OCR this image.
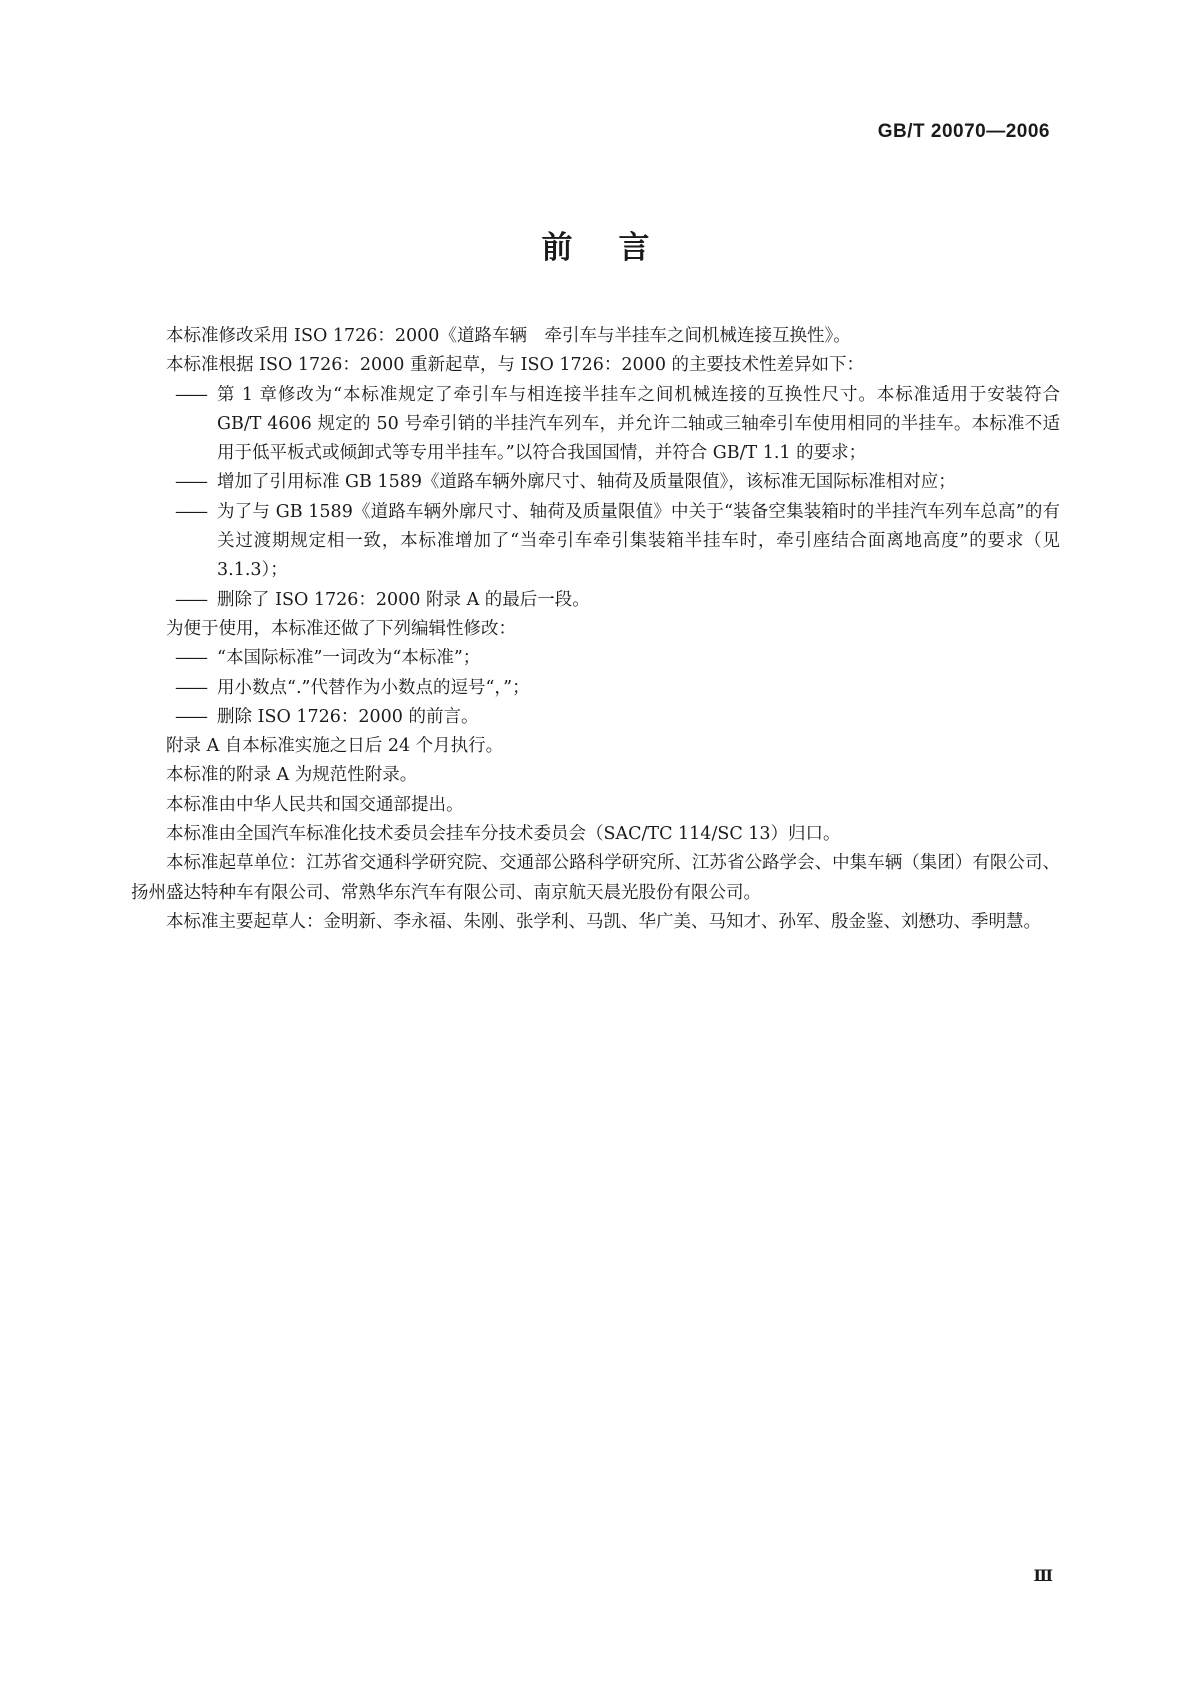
GB/T 20070—2006
前言

本标准修改采用 ISO 1726：2000《道路车辆　牵引车与半挂车之间机械连接互换性》。

本标准根据 ISO 1726：2000 重新起草，与 ISO 1726：2000 的主要技术性差异如下：

—— 第 1 章修改为“本标准规定了牵引车与相连接半挂车之间机械连接的互换性尺寸。本标准适用于安装符合 GB/T 4606 规定的 50 号牵引销的半挂汽车列车，并允许二轴或三轴牵引车使用相同的半挂车。本标准不适用于低平板式或倾卸式等专用半挂车。”以符合我国国情，并符合 GB/T 1.1 的要求；
—— 增加了引用标准 GB 1589《道路车辆外廓尺寸、轴荷及质量限值》，该标准无国际标准相对应；
—— 为了与 GB 1589《道路车辆外廓尺寸、轴荷及质量限值》中关于“装备空集装箱时的半挂汽车列车总高”的有关过渡期规定相一致，本标准增加了“当牵引车牵引集装箱半挂车时，牵引座结合面离地高度”的要求（见 3.1.3）；
—— 删除了 ISO 1726：2000 附录 A 的最后一段。

为便于使用，本标准还做了下列编辑性修改：

—— “本国际标准”一词改为“本标准”；
—— 用小数点“.”代替作为小数点的逗号“，”；
—— 删除 ISO 1726：2000 的前言。

附录 A 自本标准实施之日后 24 个月执行。

本标准的附录 A 为规范性附录。

本标准由中华人民共和国交通部提出。

本标准由全国汽车标准化技术委员会挂车分技术委员会（SAC/TC 114/SC 13）归口。

本标准起草单位：江苏省交通科学研究院、交通部公路科学研究所、江苏省公路学会、中集车辆（集团）有限公司、扬州盛达特种车有限公司、常熟华东汽车有限公司、南京航天晨光股份有限公司。

本标准主要起草人：金明新、李永福、朱刚、张学利、马凯、华广美、马知才、孙军、殷金鉴、刘懋功、季明慧。

Ⅲ
